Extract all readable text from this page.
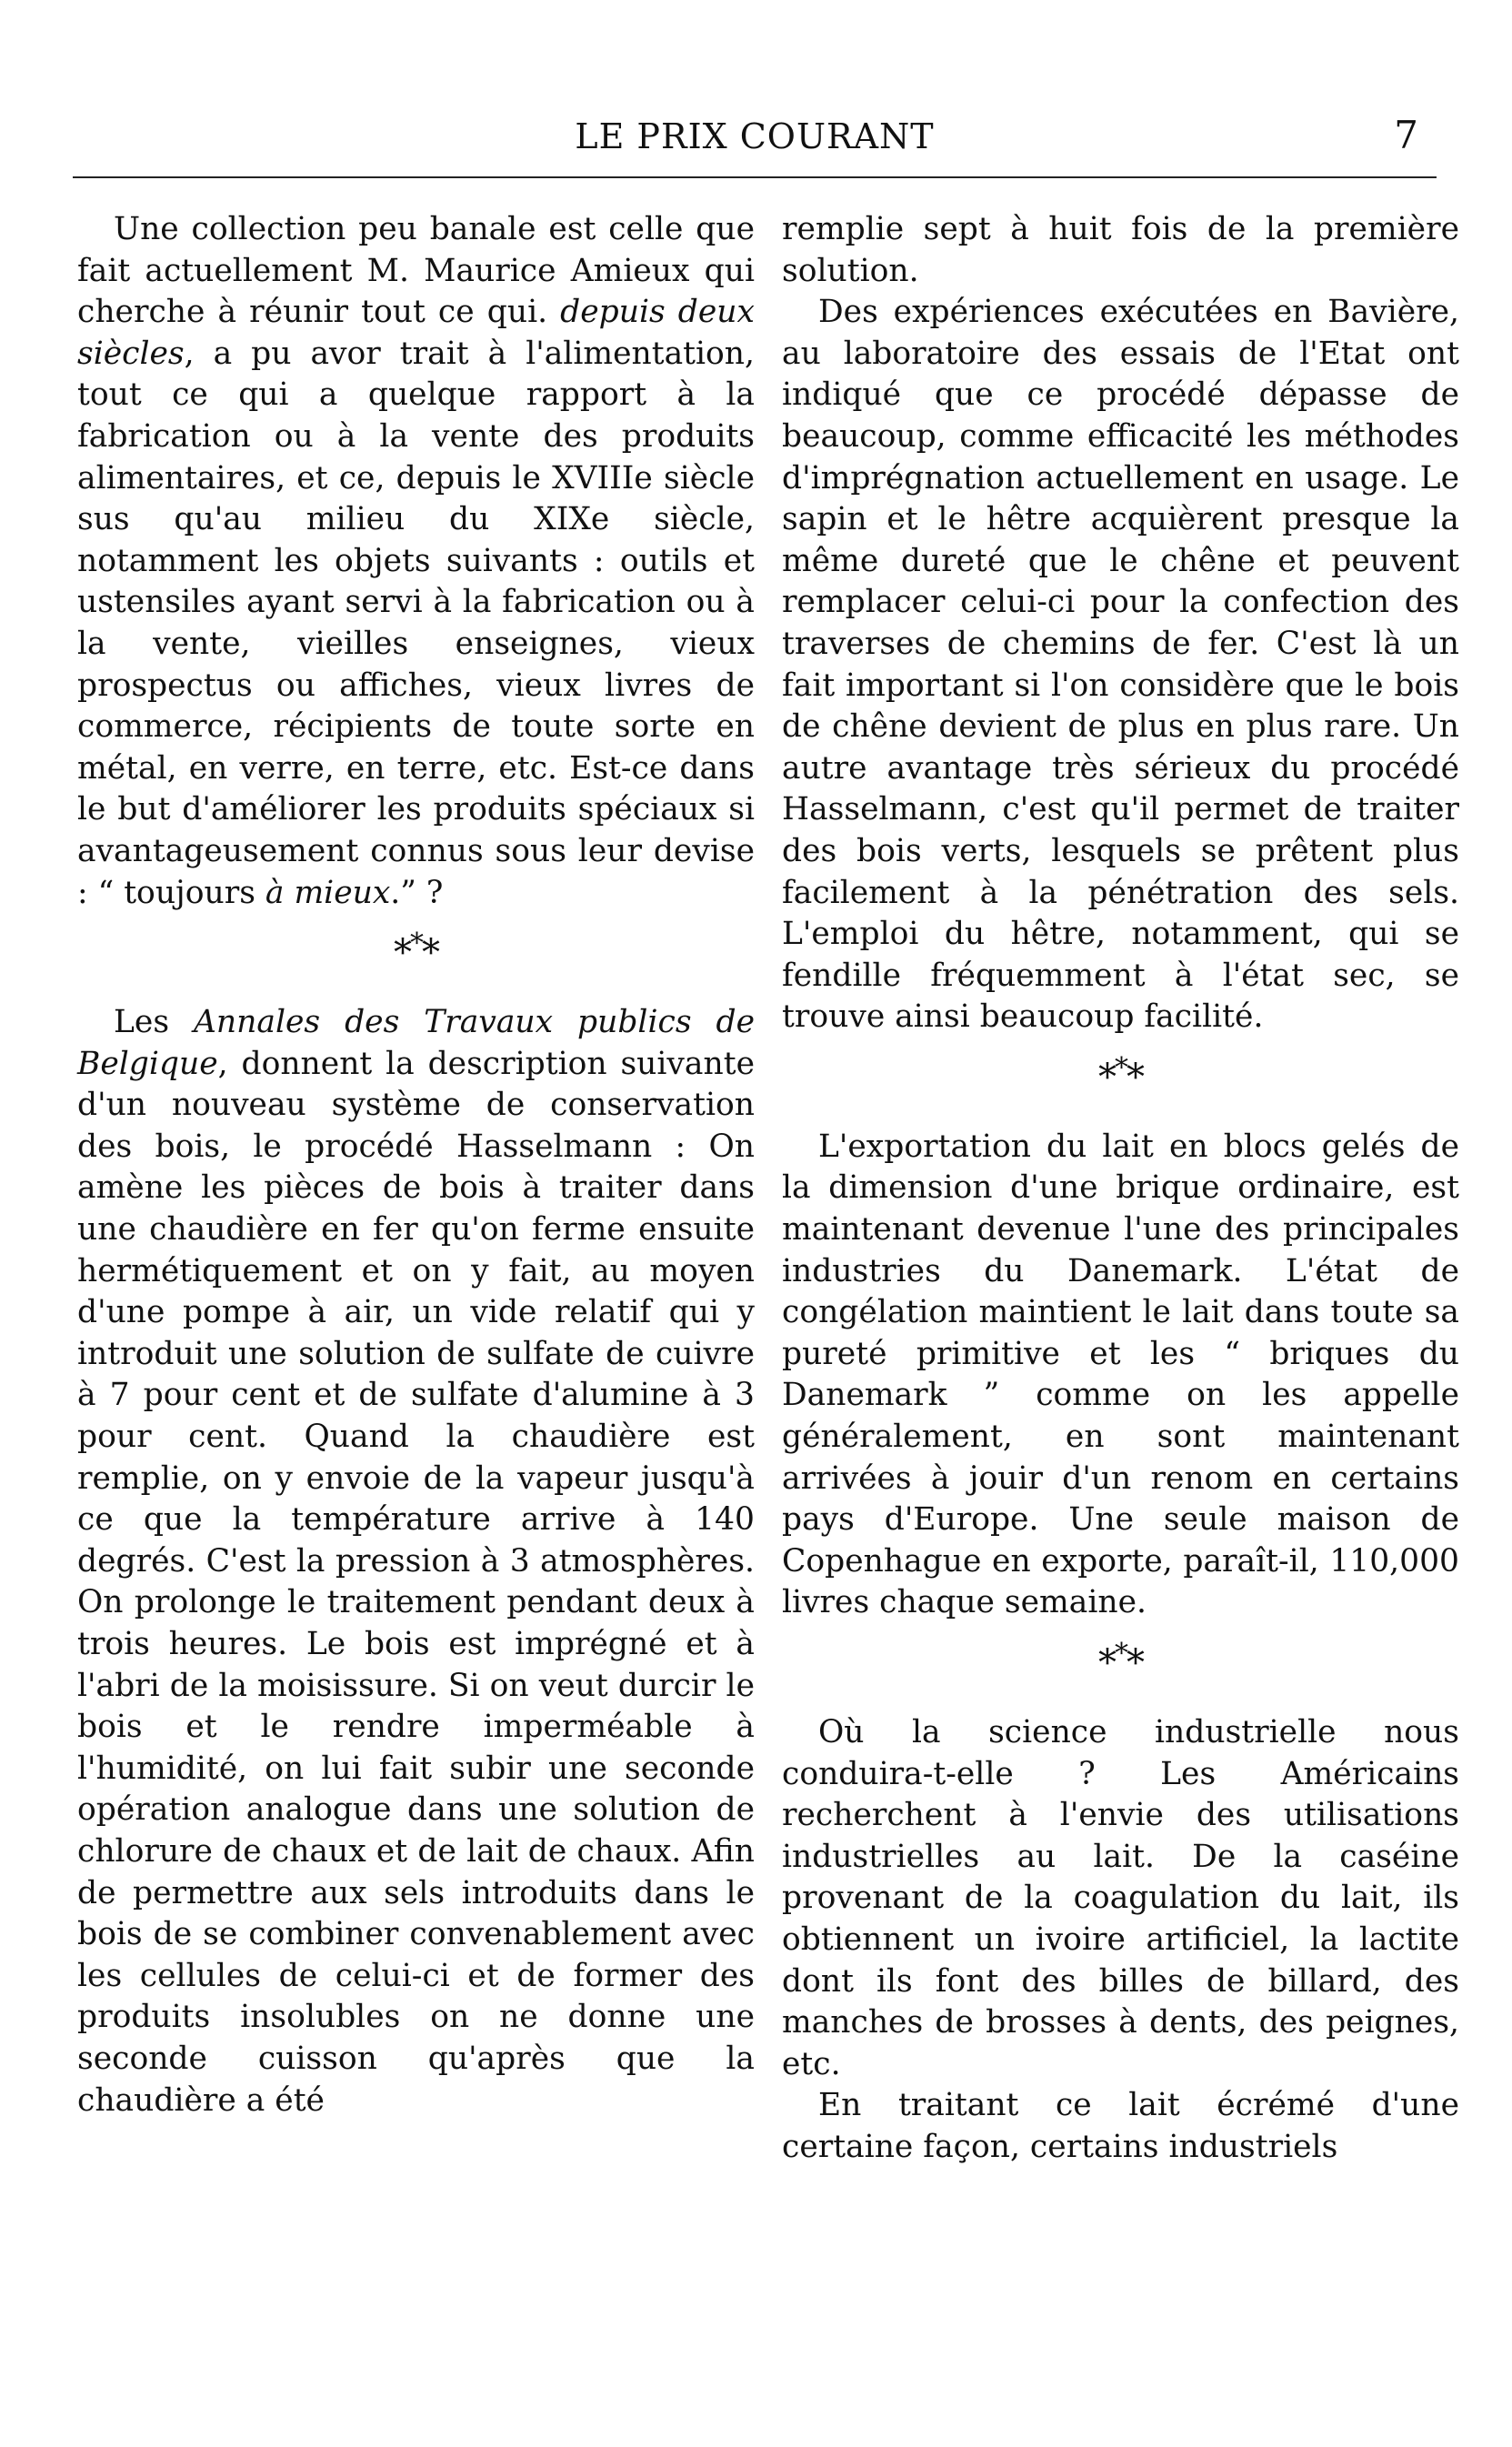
LE PRIX COURANT	7

Une collection peu banale est celle que fait actuellement M. Maurice Amieux qui cherche à réunir tout ce qui. depuis deux siècles, a pu avor trait à l'alimentation, tout ce qui a quelque rapport à la fabrication ou à la vente des produits alimentaires, et ce, depuis le XVIIIe siècle sus qu'au milieu du XIXe siècle, notamment les objets suivants : outils et ustensiles ayant servi à la fabrication ou à la vente, vieilles enseignes, vieux prospectus ou affiches, vieux livres de commerce, récipients de toute sorte en métal, en verre, en terre, etc. Est-ce dans le but d'améliorer les produits spéciaux si avantageusement connus sous leur devise : “ toujours à mieux.” ?

***

Les Annales des Travaux publics de Belgique, donnent la description suivante d'un nouveau système de conservation des bois, le procédé Hasselmann : On amène les pièces de bois à traiter dans une chaudière en fer qu'on ferme ensuite hermétiquement et on y fait, au moyen d'une pompe à air, un vide relatif qui y introduit une solution de sulfate de cuivre à 7 pour cent et de sulfate d'alumine à 3 pour cent. Quand la chaudière est remplie, on y envoie de la vapeur jusqu'à ce que la température arrive à 140 degrés. C'est la pression à 3 atmosphères. On prolonge le traitement pendant deux à trois heures. Le bois est imprégné et à l'abri de la moisissure. Si on veut durcir le bois et le rendre imperméable à l'humidité, on lui fait subir une seconde opération analogue dans une solution de chlorure de chaux et de lait de chaux. Afin de permettre aux sels introduits dans le bois de se combiner convenablement avec les cellules de celui-ci et de former des produits insolubles on ne donne une seconde cuisson qu'après que la chaudière a été

remplie sept à huit fois de la première solution.

Des expériences exécutées en Bavière, au laboratoire des essais de l'Etat ont indiqué que ce procédé dépasse de beaucoup, comme efficacité les méthodes d'imprégnation actuellement en usage. Le sapin et le hêtre acquièrent presque la même dureté que le chêne et peuvent remplacer celui-ci pour la confection des traverses de chemins de fer. C'est là un fait important si l'on considère que le bois de chêne devient de plus en plus rare. Un autre avantage très sérieux du procédé Hasselmann, c'est qu'il permet de traiter des bois verts, lesquels se prêtent plus facilement à la pénétration des sels. L'emploi du hêtre, notamment, qui se fendille fréquemment à l'état sec, se trouve ainsi beaucoup facilité.

***

L'exportation du lait en blocs gelés de la dimension d'une brique ordinaire, est maintenant devenue l'une des principales industries du Danemark. L'état de congélation maintient le lait dans toute sa pureté primitive et les “ briques du Danemark ” comme on les appelle généralement, en sont maintenant arrivées à jouir d'un renom en certains pays d'Europe. Une seule maison de Copenhague en exporte, paraît-il, 110,000 livres chaque semaine.

***

Où la science industrielle nous conduira-t-elle ? Les Américains recherchent à l'envie des utilisations industrielles au lait. De la caséine provenant de la coagulation du lait, ils obtiennent un ivoire artificiel, la lactite dont ils font des billes de billard, des manches de brosses à dents, des peignes, etc.

En traitant ce lait écrémé d'une certaine façon, certains industriels
